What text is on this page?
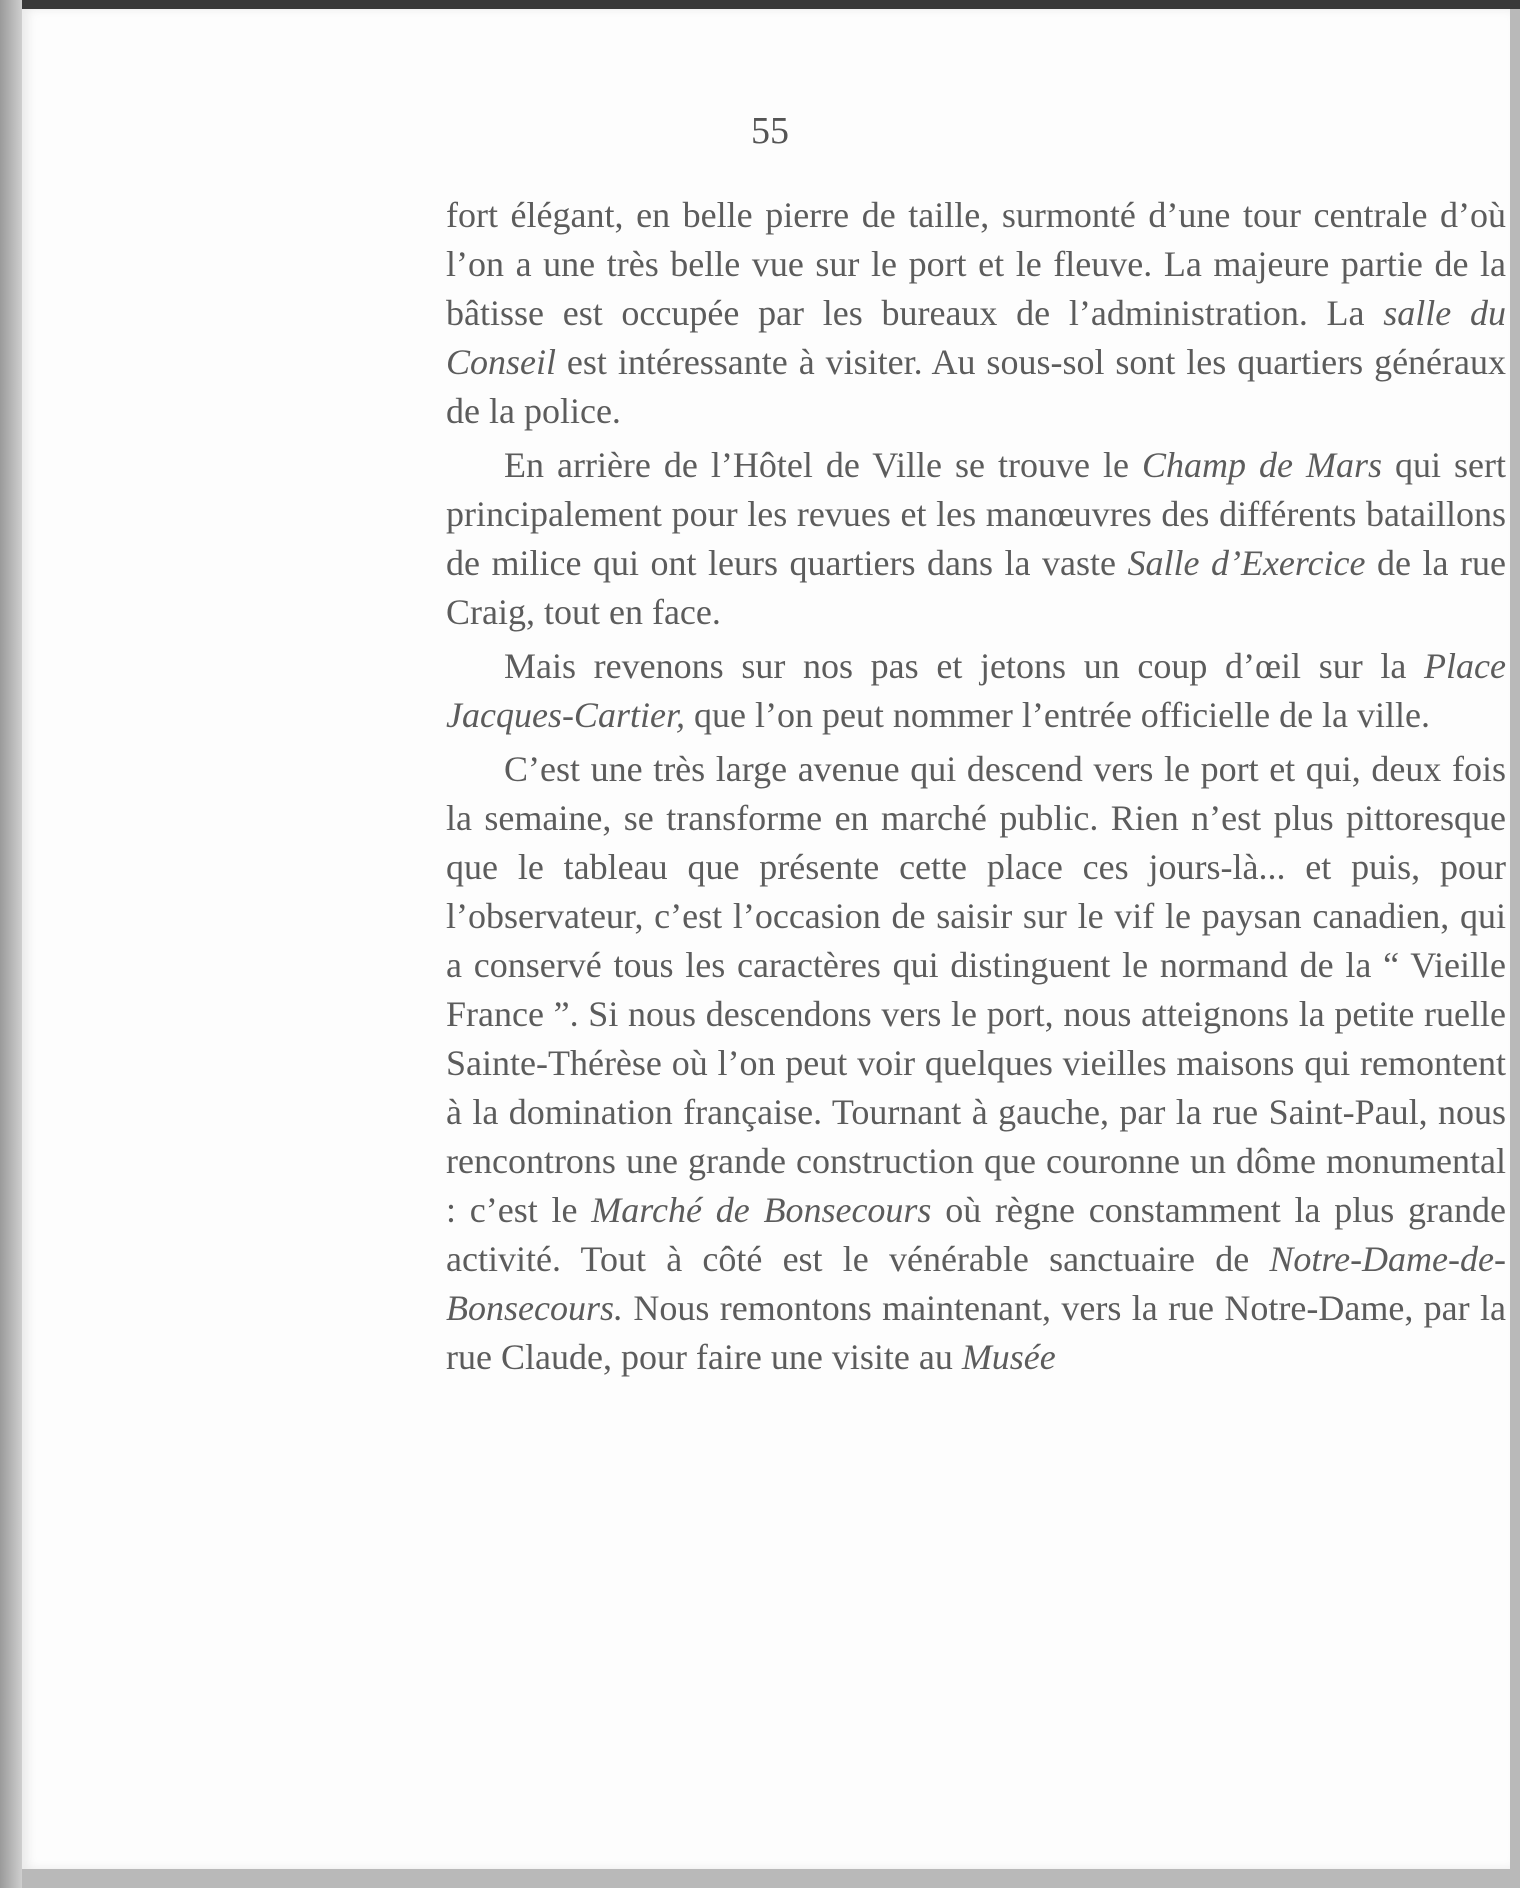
55

fort élégant, en belle pierre de taille, surmonté d’une tour centrale d’où l’on a une très belle vue sur le port et le fleuve. La majeure partie de la bâtisse est occupée par les bureaux de l’administration. La salle du Conseil est intéressante à visiter. Au sous-sol sont les quartiers généraux de la police.

En arrière de l’Hôtel de Ville se trouve le Champ de Mars qui sert principalement pour les revues et les manœuvres des différents bataillons de milice qui ont leurs quartiers dans la vaste Salle d’Exercice de la rue Craig, tout en face.

Mais revenons sur nos pas et jetons un coup d’œil sur la Place Jacques-Cartier, que l’on peut nommer l’entrée officielle de la ville.

C’est une très large avenue qui descend vers le port et qui, deux fois la semaine, se transforme en marché public. Rien n’est plus pittoresque que le tableau que présente cette place ces jours-là... et puis, pour l’observateur, c’est l’occasion de saisir sur le vif le paysan canadien, qui a conservé tous les caractères qui distinguent le normand de la “ Vieille France ”. Si nous descendons vers le port, nous atteignons la petite ruelle Sainte-Thérèse où l’on peut voir quelques vieilles maisons qui remontent à la domination française. Tournant à gauche, par la rue Saint-Paul, nous rencontrons une grande construction que couronne un dôme monumental : c’est le Marché de Bonsecours où règne constamment la plus grande activité. Tout à côté est le vénérable sanctuaire de Notre-Dame-de-Bonsecours. Nous remontons maintenant, vers la rue Notre-Dame, par la rue Claude, pour faire une visite au Musée
